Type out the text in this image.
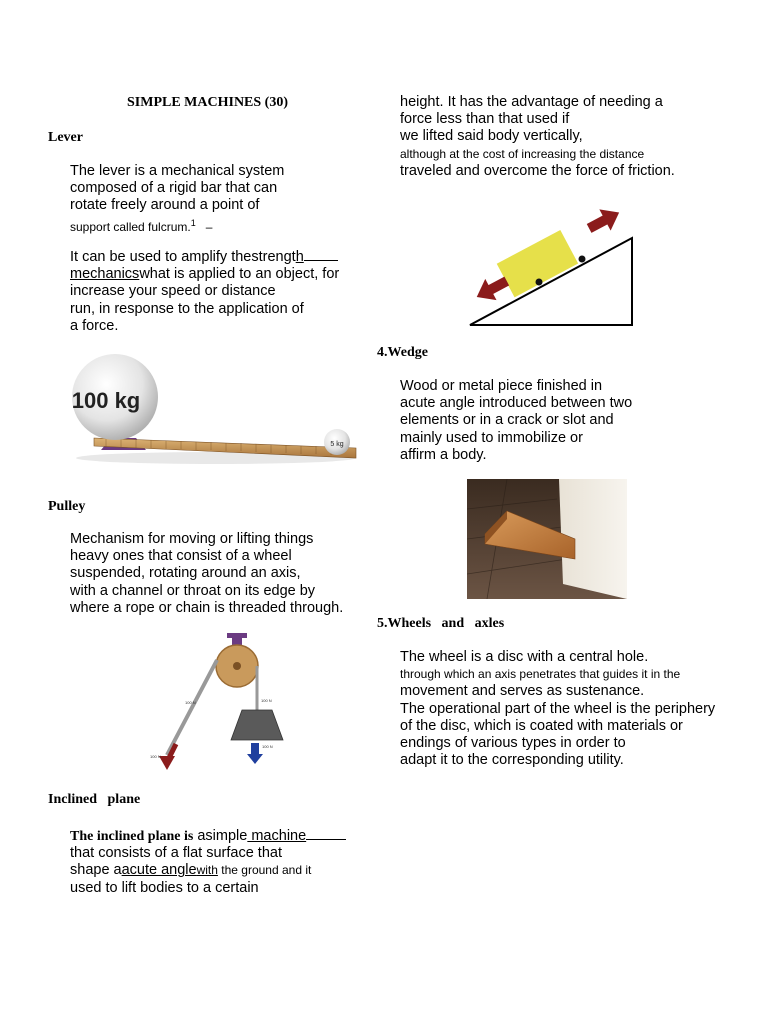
SIMPLE MACHINES (30)
Lever
The lever is a mechanical system
composed of a rigid bar that can
rotate freely around a point of
support called fulcrum.$^1$ –
It can be used to amplify thestrength
mechanicswhat is applied to an object, for
increase your speed or distance
run, in response to the application of
a force.
100 kg
5 kg
Pulley
Mechanism for moving or lifting things
heavy ones that consist of a wheel
suspended, rotating around an axis,
with a channel or throat on its edge by
where a rope or chain is threaded through.
100 N
100 N
100 N
100 N
Inclined   plane
The inclined plane is asimple machine
that consists of a flat surface that
shape aacute anglewith the ground and it
used to lift bodies to a certain
height. It has the advantage of needing a
force less than that used if
we lifted said body vertically,
although at the cost of increasing the distance
traveled and overcome the force of friction.
4.Wedge
Wood or metal piece finished in
acute angle introduced between two
elements or in a crack or slot and
mainly used to immobilize or
affirm a body.
5.Wheels   and   axles
The wheel is a disc with a central hole.
through which an axis penetrates that guides it in the
movement and serves as sustenance.
The operational part of the wheel is the periphery
of the disc, which is coated with materials or
endings of various types in order to
adapt it to the corresponding utility.
